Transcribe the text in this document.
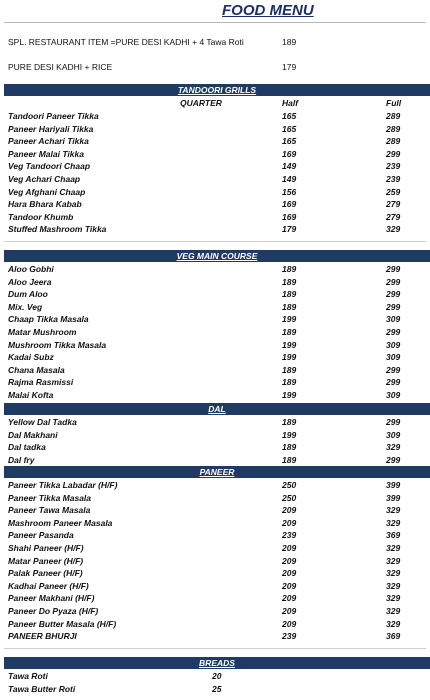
FOOD MENU
SPL. RESTAURANT ITEM =PURE DESI KADHI + 4 Tawa Roti	189
PURE DESI KADHI + RICE	179
TANDOORI GRILLS
QUARTER	Half	Full
Tandoori Paneer Tikka	165	289
Paneer Hariyali Tikka	165	289
Paneer Achari Tikka	165	289
Paneer Malai Tikka	169	299
Veg Tandoori Chaap	149	239
Veg Achari Chaap	149	239
Veg Afghani Chaap	156	259
Hara Bhara Kabab	169	279
Tandoor Khumb	169	279
Stuffed Mashroom Tikka	179	329
VEG MAIN COURSE
Aloo Gobhi	189	299
Aloo Jeera	189	299
Dum Aloo	189	299
Mix. Veg	189	299
Chaap Tikka Masala	199	309
Matar Mushroom	189	299
Mushroom Tikka Masala	199	309
Kadai Subz	199	309
Chana Masala	189	299
Rajma Rasmissi	189	299
Malai Kofta	199	309
DAL
Yellow Dal Tadka	189	299
Dal Makhani	199	309
Dal tadka	189	329
Dal fry	189	299
PANEER
Paneer Tikka Labadar (H/F)	250	399
Paneer Tikka Masala	250	399
Paneer Tawa Masala	209	329
Mashroom Paneer Masala	209	329
Paneer Pasanda	239	369
Shahi Paneer (H/F)	209	329
Matar Paneer (H/F)	209	329
Palak Paneer (H/F)	209	329
Kadhai Paneer (H/F)	209	329
Paneer Makhani (H/F)	209	329
Paneer Do Pyaza (H/F)	209	329
Paneer Butter Masala (H/F)	209	329
PANEER BHURJI	239	369
BREADS
Tawa Roti	20
Tawa Butter Roti	25
